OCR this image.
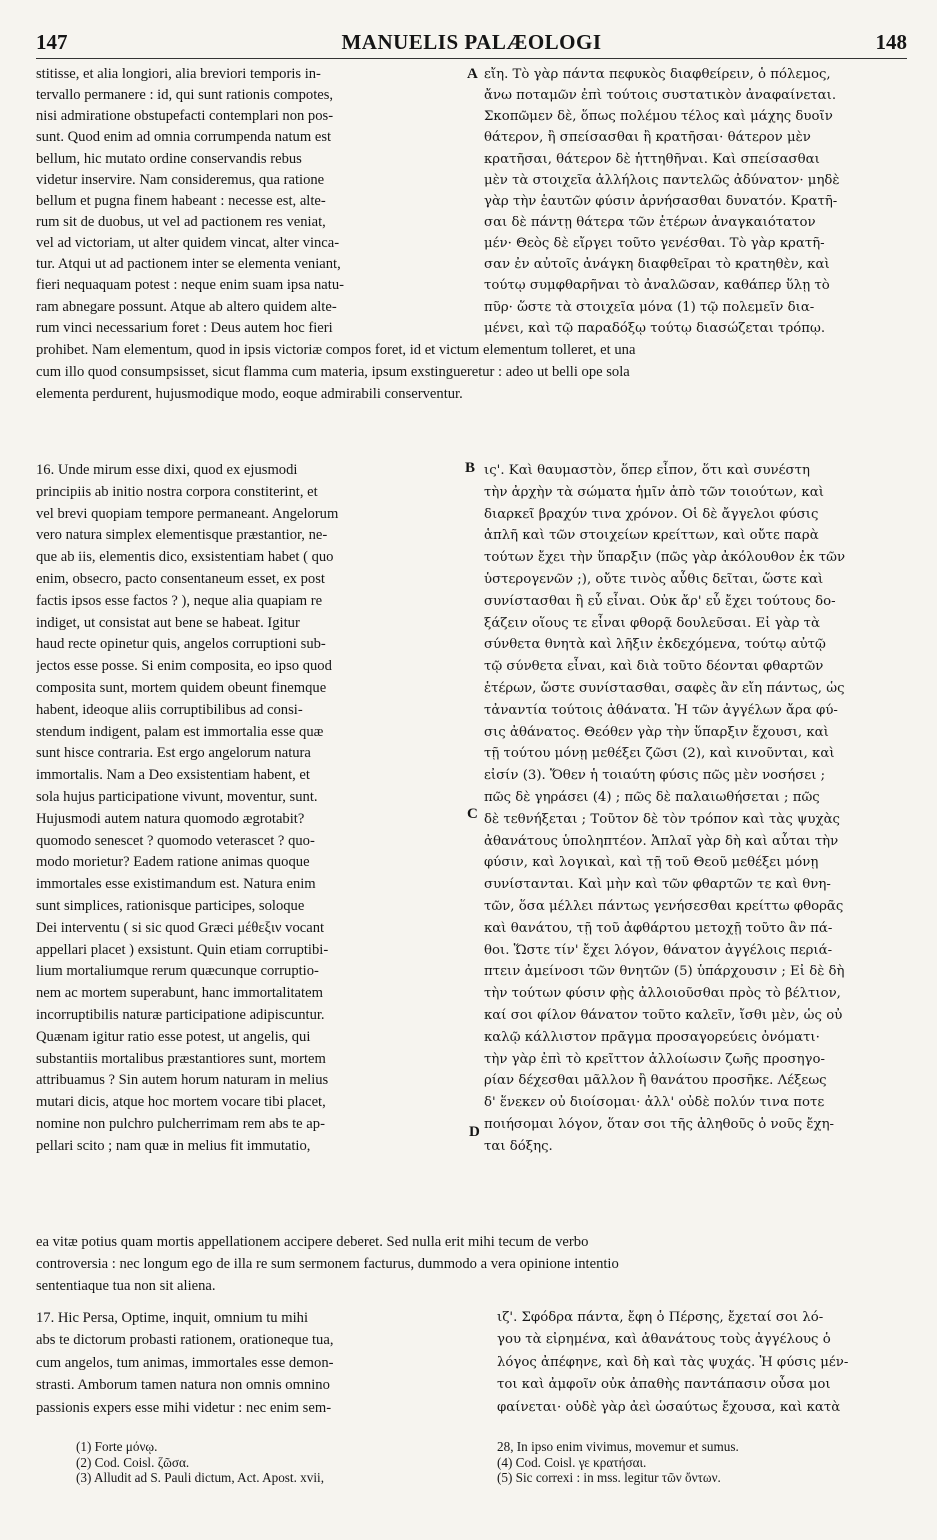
147	MANUELIS PALÆOLOGI	148
stitisse, et alia longiori, alia breviori temporis in-
tervallo permanere : id, qui sunt rationis compotes,
nisi admiratione obstupefacti contemplari non pos-
sunt. Quod enim ad omnia corrumpenda natum est
bellum, hic mutato ordine conservandis rebus
videtur inservire. Nam consideremus, qua ratione
bellum et pugna finem habeant : necesse est, alte-
rum sit de duobus, ut vel ad pactionem res veniat,
vel ad victoriam, ut alter quidem vincat, alter vinca-
tur. Atqui ut ad pactionem inter se elementa veniant,
fieri nequaquam potest : neque enim suam ipsa natu-
ram abnegare possunt. Atque ab altero quidem alte-
rum vinci necessarium foret : Deus autem hoc fieri
εἴη. Τὸ γὰρ πάντα πεφυκὸς διαφθείρειν, ὁ πόλεμος,
ἄνω ποταμῶν ἐπὶ τούτοις συστατικὸν ἀναφαίνεται.
Σκοπῶμεν δὲ, ὅπως πολέμου τέλος καὶ μάχης δυοῖν
θάτερον, ἢ σπείσασθαι ἢ κρατῆσαι· θάτερον μὲν
κρατῆσαι, θάτερον δὲ ἡττηθῆναι. Καὶ σπείσασθαι
μὲν τὰ στοιχεῖα ἀλλήλοις παντελῶς ἀδύνατον· μηδὲ
γὰρ τὴν ἑαυτῶν φύσιν ἀρνήσασθαι δυνατόν. Κρατῆ-
σαι δὲ πάντῃ θάτερα τῶν ἑτέρων ἀναγκαιότατον
μέν· Θεὸς δὲ εἴργει τοῦτο γενέσθαι. Τὸ γὰρ κρατῆ-
σαν ἐν αὐτοῖς ἀνάγκη διαφθεῖραι τὸ κρατηθὲν, καὶ
τούτῳ συμφθαρῆναι τὸ ἀναλῶσαν, καθάπερ ὕλῃ τὸ
πῦρ· ὥστε τὰ στοιχεῖα μόνα (1) τῷ πολεμεῖν δια-
μένει, καὶ τῷ παραδόξῳ τούτῳ διασώζεται τρόπῳ.
A
prohibet. Nam elementum, quod in ipsis victoriæ compos foret, id et victum elementum tolleret, et una
cum illo quod consumpsisset, sicut flamma cum materia, ipsum exstingueretur : adeo ut belli ope sola
elementa perdurent, hujusmodique modo, eoque admirabili conserventur.
16. Unde mirum esse dixi, quod ex ejusmodi
principiis ab initio nostra corpora constiterint, et
vel brevi quopiam tempore permaneant. Angelorum
vero natura simplex elementisque præstantior, ne-
que ab iis, elementis dico, exsistentiam habet ( quo
enim, obsecro, pacto consentaneum esset, ex post
factis ipsos esse factos ? ), neque alia quapiam re
indiget, ut consistat aut bene se habeat. Igitur
haud recte opinetur quis, angelos corruptioni sub-
jectos esse posse. Si enim composita, eo ipso quod
composita sunt, mortem quidem obeunt finemque
habent, ideoque aliis corruptibilibus ad consi-
stendum indigent, palam est immortalia esse quæ
sunt hisce contraria. Est ergo angelorum natura
immortalis. Nam a Deo exsistentiam habent, et
sola hujus participatione vivunt, moventur, sunt.
Hujusmodi autem natura quomodo ægrotabit?
quomodo senescet ? quomodo veterascet ? quo-
modo morietur? Eadem ratione animas quoque
immortales esse existimandum est. Natura enim
sunt simplices, rationisque participes, soloque
Dei interventu ( si sic quod Græci μέθεξιν vocant
appellari placet ) exsistunt. Quin etiam corruptibi-
lium mortaliumque rerum quæcunque corruptio-
nem ac mortem superabunt, hanc immortalitatem
incorruptibilis naturæ participatione adipiscuntur.
Quænam igitur ratio esse potest, ut angelis, qui
substantiis mortalibus præstantiores sunt, mortem
attribuamus ? Sin autem horum naturam in melius
mutari dicis, atque hoc mortem vocare tibi placet,
nomine non pulchro pulcherrimam rem abs te ap-
pellari scito ; nam quæ in melius fit immutatio,
ις'. Καὶ θαυμαστὸν, ὅπερ εἶπον, ὅτι καὶ συνέστη
τὴν ἀρχὴν τὰ σώματα ἡμῖν ἀπὸ τῶν τοιούτων, καὶ
διαρκεῖ βραχύν τινα χρόνον. Οἱ δὲ ἄγγελοι φύσις
ἁπλῆ καὶ τῶν στοιχείων κρείττων, καὶ οὔτε παρὰ
τούτων ἔχει τὴν ὕπαρξιν (πῶς γὰρ ἀκόλουθον ἐκ τῶν
ὑστερογενῶν ;), οὔτε τινὸς αὖθις δεῖται, ὥστε καὶ
συνίστασθαι ἢ εὖ εἶναι. Οὐκ ἄρ' εὖ ἔχει τούτους δο-
ξάζειν οἵους τε εἶναι φθορᾷ δουλεῦσαι. Εἰ γὰρ τὰ
σύνθετα θνητὰ καὶ λῆξιν ἐκδεχόμενα, τούτῳ αὐτῷ
τῷ σύνθετα εἶναι, καὶ διὰ τοῦτο δέονται φθαρτῶν
ἑτέρων, ὥστε συνίστασθαι, σαφὲς ἂν εἴη πάντως, ὡς
τἀναντία τούτοις ἀθάνατα. Ἡ τῶν ἀγγέλων ἄρα φύ-
σις ἀθάνατος. Θεόθεν γὰρ τὴν ὕπαρξιν ἔχουσι, καὶ
τῇ τούτου μόνῃ μεθέξει ζῶσι (2), καὶ κινοῦνται, καὶ
εἰσίν (3). Ὅθεν ἡ τοιαύτη φύσις πῶς μὲν νοσήσει ;
πῶς δὲ γηράσει (4) ; πῶς δὲ παλαιωθήσεται ; πῶς
δὲ τεθνήξεται ; Τοῦτον δὲ τὸν τρόπον καὶ τὰς ψυχὰς
ἀθανάτους ὑποληπτέον. Ἁπλαῖ γὰρ δὴ καὶ αὗται τὴν
φύσιν, καὶ λογικαὶ, καὶ τῇ τοῦ Θεοῦ μεθέξει μόνῃ
συνίστανται. Καὶ μὴν καὶ τῶν φθαρτῶν τε καὶ θνη-
τῶν, ὅσα μέλλει πάντως γενήσεσθαι κρείττω φθορᾶς
καὶ θανάτου, τῇ τοῦ ἀφθάρτου μετοχῇ τοῦτο ἂν πά-
θοι. Ὥστε τίν' ἔχει λόγον, θάνατον ἀγγέλοις περιά-
πτειν ἀμείνοσι τῶν θνητῶν (5) ὑπάρχουσιν ; Εἰ δὲ δὴ
τὴν τούτων φύσιν φῂς ἀλλοιοῦσθαι πρὸς τὸ βέλτιον,
καί σοι φίλον θάνατον τοῦτο καλεῖν, ἴσθι μὲν, ὡς οὐ
καλῷ κάλλιστον πρᾶγμα προσαγορεύεις ὀνόματι·
τὴν γὰρ ἐπὶ τὸ κρεῖττον ἀλλοίωσιν ζωῆς προσηγο-
ρίαν δέχεσθαι μᾶλλον ἢ θανάτου προσῆκε. Λέξεως
δ' ἕνεκεν οὐ διοίσομαι· ἀλλ' οὐδὲ πολύν τινα ποτε
ποιήσομαι λόγον, ὅταν σοι τῆς ἀληθοῦς ὁ νοῦς ἔχη-
ται δόξης.
B
C
D
ea vitæ potius quam mortis appellationem accipere deberet. Sed nulla erit mihi tecum de verbo
controversia : nec longum ego de illa re sum sermonem facturus, dummodo a vera opinione intentio
sententiaque tua non sit aliena.
17. Hic Persa, Optime, inquit, omnium tu mihi
abs te dictorum probasti rationem, orationeque tua,
cum angelos, tum animas, immortales esse demon-
strasti. Amborum tamen natura non omnis omnino
passionis expers esse mihi videtur : nec enim sem-
ιζ'. Σφόδρα πάντα, ἔφη ὁ Πέρσης, ἔχεταί σοι λό-
γου τὰ εἰρημένα, καὶ ἀθανάτους τοὺς ἀγγέλους ὁ
λόγος ἀπέφηνε, καὶ δὴ καὶ τὰς ψυχάς. Ἡ φύσις μέν-
τοι καὶ ἀμφοῖν οὐκ ἀπαθὴς παντάπασιν οὖσα μοι
φαίνεται· οὐδὲ γὰρ ἀεὶ ὡσαύτως ἔχουσα, καὶ κατὰ
(1) Forte μόνῳ.
(2) Cod. Coisl. ζῶσα.
(3) Alludit ad S. Pauli dictum, Act. Apost. xvii,
28, In ipso enim vivimus, movemur et sumus.
(4) Cod. Coisl. γε κρατήσαι.
(5) Sic correxi : in mss. legitur τῶν ὄντων.
